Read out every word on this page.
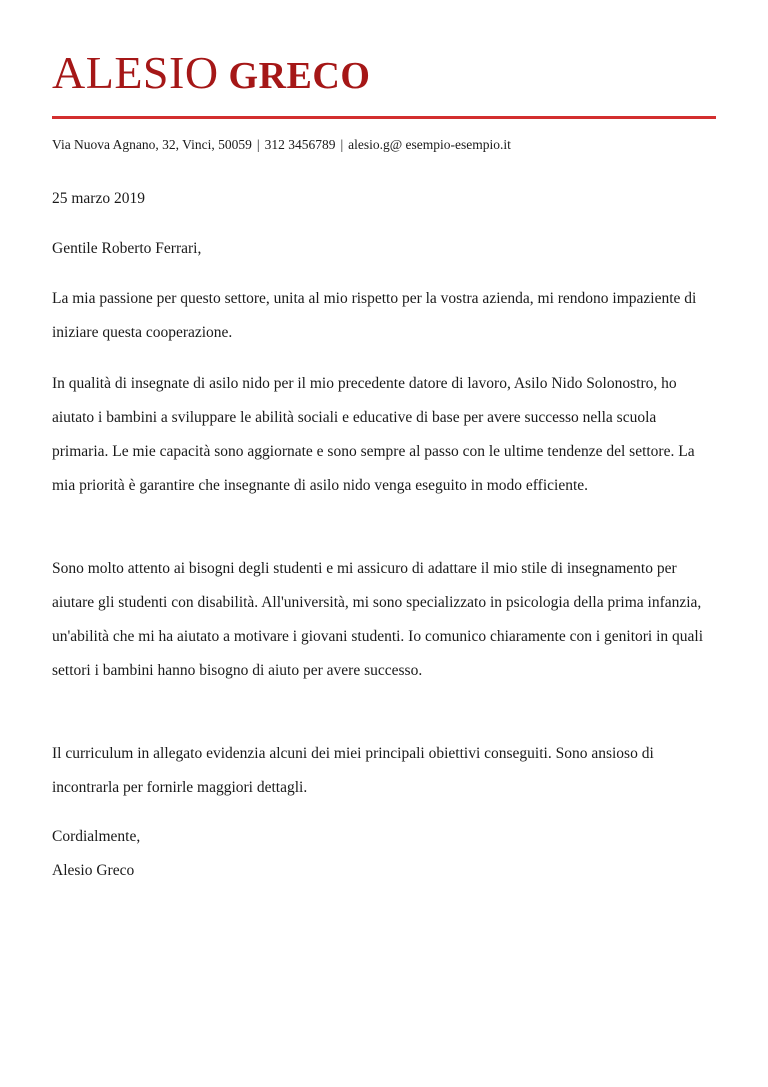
ALESIO GRECO
Via Nuova Agnano, 32, Vinci, 50059 | 312 3456789 | alesio.g@ esempio-esempio.it

25 marzo 2019

Gentile Roberto Ferrari,

La mia passione per questo settore, unita al mio rispetto per la vostra azienda, mi rendono impaziente di iniziare questa cooperazione.

In qualità di insegnate di asilo nido per il mio precedente datore di lavoro, Asilo Nido Solonostro, ho aiutato i bambini a sviluppare le abilità sociali e educative di base per avere successo nella scuola primaria. Le mie capacità sono aggiornate e sono sempre al passo con le ultime tendenze del settore. La mia priorità è garantire che insegnante di asilo nido venga eseguito in modo efficiente.

Sono molto attento ai bisogni degli studenti e mi assicuro di adattare il mio stile di insegnamento per aiutare gli studenti con disabilità. All'università, mi sono specializzato in psicologia della prima infanzia, un'abilità che mi ha aiutato a motivare i giovani studenti. Io comunico chiaramente con i genitori in quali settori i bambini hanno bisogno di aiuto per avere successo.

Il curriculum in allegato evidenzia alcuni dei miei principali obiettivi conseguiti. Sono ansioso di incontrarla per fornirle maggiori dettagli.

Cordialmente,

Alesio Greco
